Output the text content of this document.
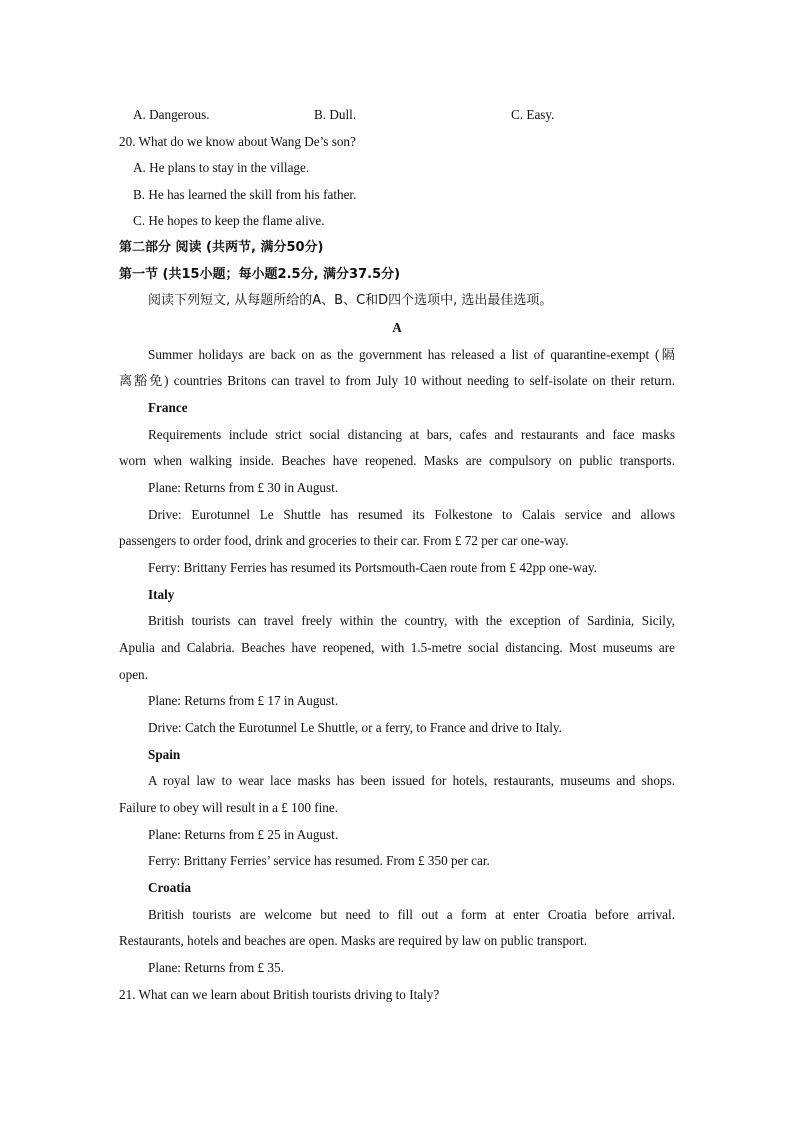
A. Dangerous.	B. Dull.	C. Easy.
20. What do we know about Wang De’s son?
A. He plans to stay in the village.
B. He has learned the skill from his father.
C. He hopes to keep the flame alive.
第二部分 阅读 (共两节, 满分50分)
第一节 (共15小题；每小题2.5分, 满分37.5分)
阅读下列短文, 从每题所给的A、B、C和D四个选项中, 选出最佳选项。
A
Summer holidays are back on as the government has released a list of quarantine-exempt (隔
离豁免) countries Britons can travel to from July 10 without needing to self-isolate on their return.
France
Requirements include strict social distancing at bars, cafes and restaurants and face masks
worn when walking inside. Beaches have reopened. Masks are compulsory on public transports.
Plane: Returns from £ 30 in August.
Drive: Eurotunnel Le Shuttle has resumed its Folkestone to Calais service and allows
passengers to order food, drink and groceries to their car. From £ 72 per car one-way.
Ferry: Brittany Ferries has resumed its Portsmouth-Caen route from £ 42pp one-way.
Italy
British tourists can travel freely within the country, with the exception of Sardinia, Sicily,
Apulia and Calabria. Beaches have reopened, with 1.5-metre social distancing. Most museums are
open.
Plane: Returns from £ 17 in August.
Drive: Catch the Eurotunnel Le Shuttle, or a ferry, to France and drive to Italy.
Spain
A royal law to wear lace masks has been issued for hotels, restaurants, museums and shops.
Failure to obey will result in a £ 100 fine.
Plane: Returns from £ 25 in August.
Ferry: Brittany Ferries’ service has resumed. From £ 350 per car.
Croatia
British tourists are welcome but need to fill out a form at enter Croatia before arrival.
Restaurants, hotels and beaches are open. Masks are required by law on public transport.
Plane: Returns from £ 35.
21. What can we learn about British tourists driving to Italy?
